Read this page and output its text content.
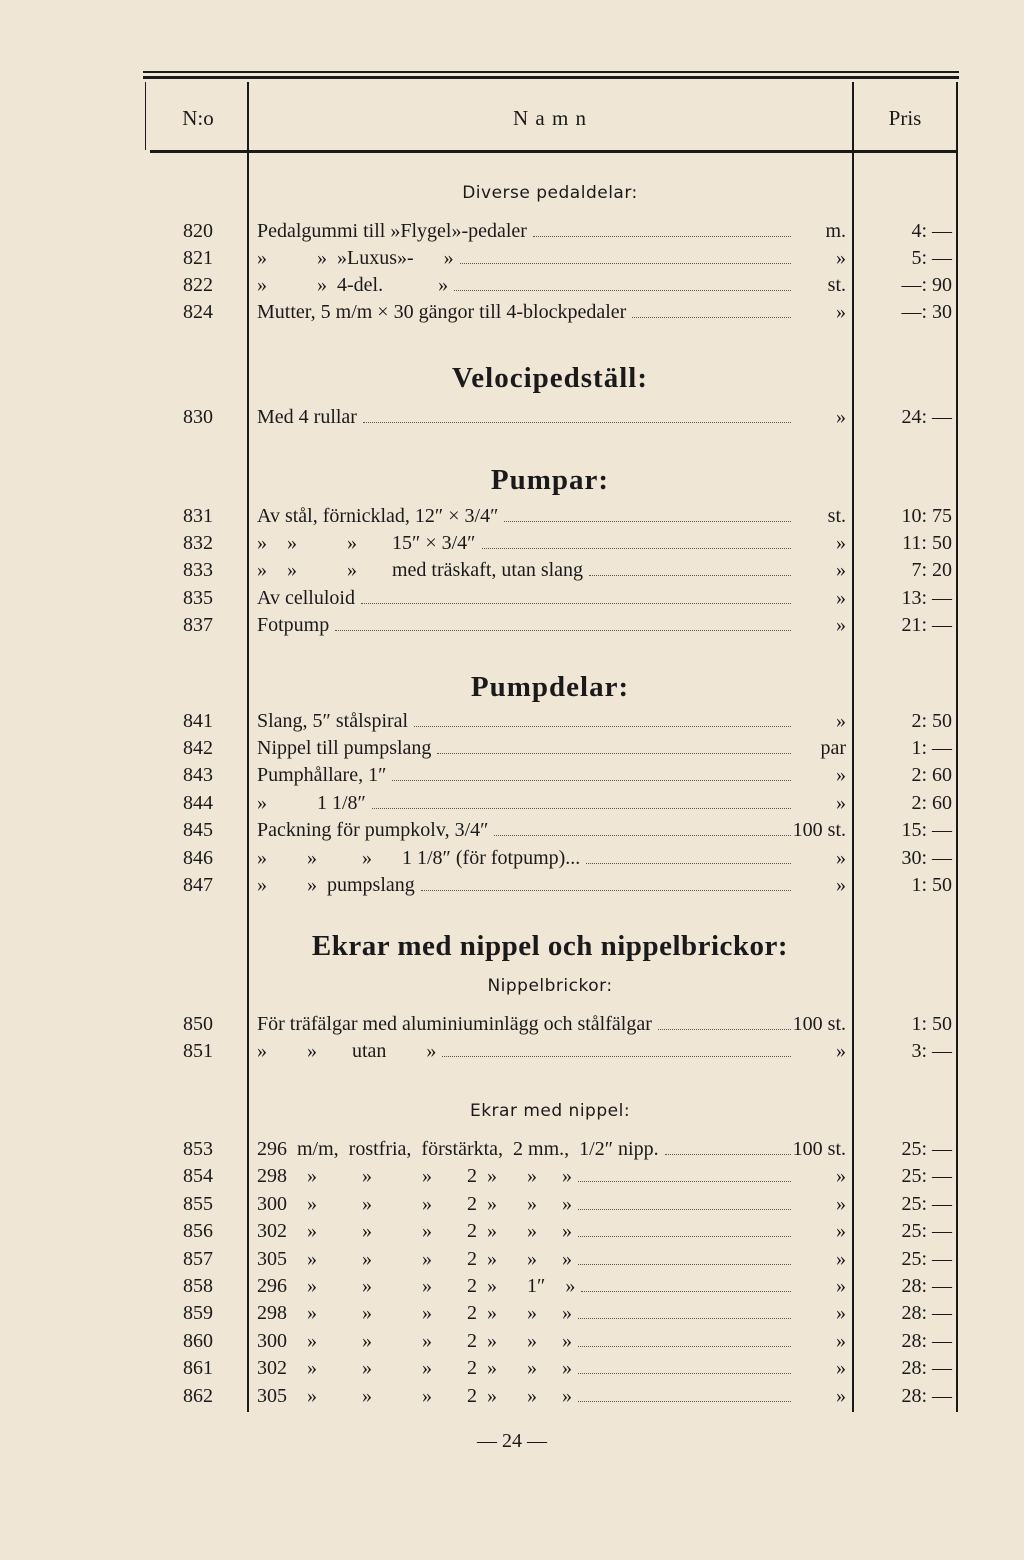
N:o	N a m n	Pris
Diverse pedaldelar:
Velocipedställ:
Pumpar:
Pumpdelar:
Ekrar med nippel och nippelbrickor:
Nippelbrickor:
Ekrar med nippel:
820	Pedalgummi till »Flygel»-pedaler	m.	4: —
821	»          »  »Luxus»-      »	»	5: —
822	»          »  4-del.           »	st.	—: 90
824	Mutter, 5 m/m × 30 gängor till 4-blockpedaler	»	—: 30
830	Med 4 rullar	»	24: —
831	Av stål, förnicklad, 12″ × 3/4″	st.	10: 75
832	»    »          »       15″ × 3/4″	»	11: 50
833	»    »          »       med träskaft, utan slang	»	7: 20
835	Av celluloid	»	13: —
837	Fotpump	»	21: —
841	Slang, 5″ stålspiral	»	2: 50
842	Nippel till pumpslang	par	1: —
843	Pumphållare, 1″	»	2: 60
844	»          1 1/8″	»	2: 60
845	Packning för pumpkolv, 3/4″	100 st.	15: —
846	»        »         »      1 1/8″ (för fotpump)...	»	30: —
847	»        »  pumpslang	»	1: 50
850	För träfälgar med aluminiuminlägg och stålfälgar	100 st.	1: 50
851	»        »       utan        »	»	3: —
853	296  m/m,  rostfria,  förstärkta,  2 mm.,  1/2″ nipp.	100 st.	25: —
854	298    »         »          »       2  »      »     »	»	25: —
855	300    »         »          »       2  »      »     »	»	25: —
856	302    »         »          »       2  »      »     »	»	25: —
857	305    »         »          »       2  »      »     »	»	25: —
858	296    »         »          »       2  »      1″    »	»	28: —
859	298    »         »          »       2  »      »     »	»	28: —
860	300    »         »          »       2  »      »     »	»	28: —
861	302    »         »          »       2  »      »     »	»	28: —
862	305    »         »          »       2  »      »     »	»	28: —
— 24 —
